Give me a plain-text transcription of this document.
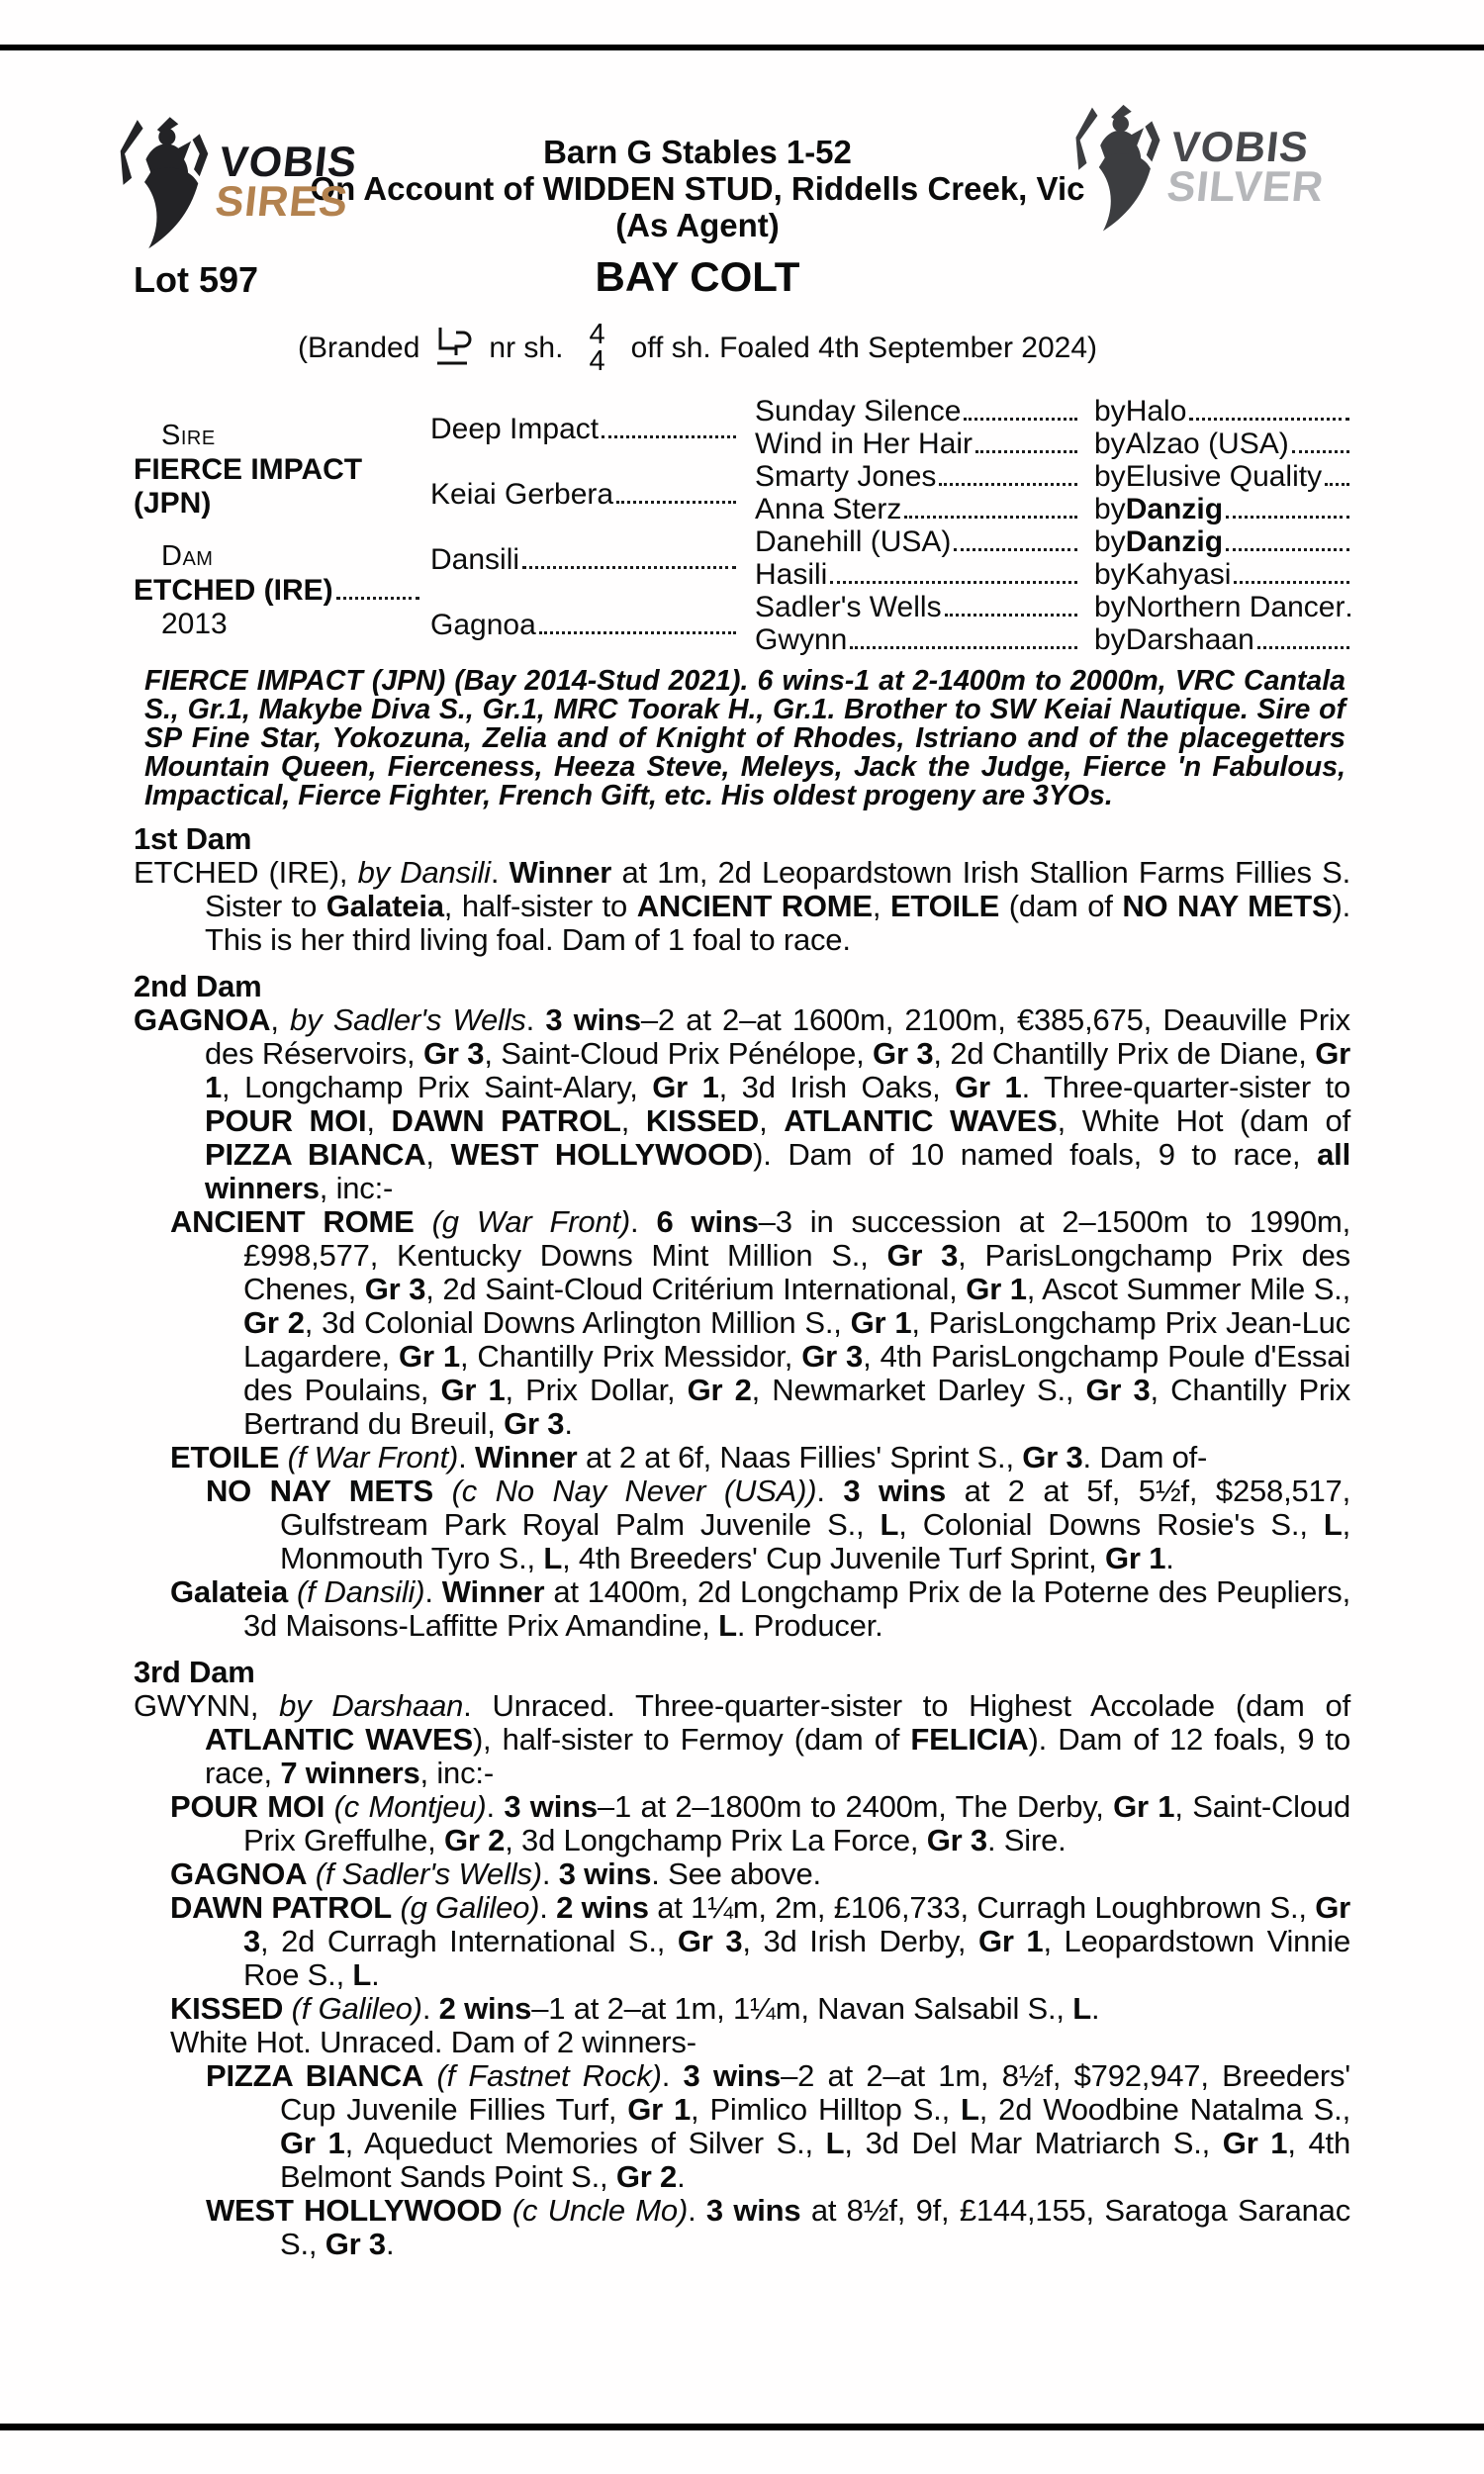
VOBIS
SIRES
VOBIS
SILVER
Barn G Stables 1-52
On Account of WIDDEN STUD, Riddells Creek, Vic
(As Agent)
Lot 597	BAY COLT
(Branded nr sh. 4
4 off sh. Foaled 4th September 2024)
Sire
FIERCE IMPACT (JPN)
Deep Impact
Sunday Silence	by Halo
Wind in Her Hair	by Alzao (USA)
Keiai Gerbera
Smarty Jones	by Elusive Quality
Anna Sterz	by Danzig
Dam
ETCHED (IRE)
2013
Dansili
Danehill (USA)	by Danzig
Hasili	by Kahyasi
Gagnoa
Sadler's Wells	by Northern Dancer
Gwynn	by Darshaan

FIERCE IMPACT (JPN) (Bay 2014-Stud 2021). 6 wins-1 at 2-1400m to 2000m, VRC Cantala S., Gr.1, Makybe Diva S., Gr.1, MRC Toorak H., Gr.1. Brother to SW Keiai Nautique. Sire of SP Fine Star, Yokozuna, Zelia and of Knight of Rhodes, Istriano and of the placegetters Mountain Queen, Fierceness, Heeza Steve, Meleys, Jack the Judge, Fierce 'n Fabulous, Impactical, Fierce Fighter, French Gift, etc. His oldest progeny are 3YOs.

1st Dam

ETCHED (IRE), by Dansili. Winner at 1m, 2d Leopardstown Irish Stallion Farms Fillies S. Sister to Galateia, half-sister to ANCIENT ROME, ETOILE (dam of NO NAY METS). This is her third living foal. Dam of 1 foal to race.

2nd Dam

GAGNOA, by Sadler's Wells. 3 wins–2 at 2–at 1600m, 2100m, €385,675, Deauville Prix des Réservoirs, Gr 3, Saint-Cloud Prix Pénélope, Gr 3, 2d Chantilly Prix de Diane, Gr 1, Longchamp Prix Saint-Alary, Gr 1, 3d Irish Oaks, Gr 1. Three-quarter-sister to POUR MOI, DAWN PATROL, KISSED, ATLANTIC WAVES, White Hot (dam of PIZZA BIANCA, WEST HOLLYWOOD). Dam of 10 named foals, 9 to race, all winners, inc:-

ANCIENT ROME (g War Front). 6 wins–3 in succession at 2–1500m to 1990m, £998,577, Kentucky Downs Mint Million S., Gr 3, ParisLongchamp Prix des Chenes, Gr 3, 2d Saint-Cloud Critérium International, Gr 1, Ascot Summer Mile S., Gr 2, 3d Colonial Downs Arlington Million S., Gr 1, ParisLongchamp Prix Jean-Luc Lagardere, Gr 1, Chantilly Prix Messidor, Gr 3, 4th ParisLongchamp Poule d'Essai des Poulains, Gr 1, Prix Dollar, Gr 2, Newmarket Darley S., Gr 3, Chantilly Prix Bertrand du Breuil, Gr 3.

ETOILE (f War Front). Winner at 2 at 6f, Naas Fillies' Sprint S., Gr 3. Dam of-

NO NAY METS (c No Nay Never (USA)). 3 wins at 2 at 5f, 5½f, $258,517, Gulfstream Park Royal Palm Juvenile S., L, Colonial Downs Rosie's S., L, Monmouth Tyro S., L, 4th Breeders' Cup Juvenile Turf Sprint, Gr 1.

Galateia (f Dansili). Winner at 1400m, 2d Longchamp Prix de la Poterne des Peupliers, 3d Maisons-Laffitte Prix Amandine, L. Producer.

3rd Dam

GWYNN, by Darshaan. Unraced. Three-quarter-sister to Highest Accolade (dam of ATLANTIC WAVES), half-sister to Fermoy (dam of FELICIA). Dam of 12 foals, 9 to race, 7 winners, inc:-

POUR MOI (c Montjeu). 3 wins–1 at 2–1800m to 2400m, The Derby, Gr 1, Saint-Cloud Prix Greffulhe, Gr 2, 3d Longchamp Prix La Force, Gr 3. Sire.

GAGNOA (f Sadler's Wells). 3 wins. See above.

DAWN PATROL (g Galileo). 2 wins at 1¼m, 2m, £106,733, Curragh Loughbrown S., Gr 3, 2d Curragh International S., Gr 3, 3d Irish Derby, Gr 1, Leopardstown Vinnie Roe S., L.

KISSED (f Galileo). 2 wins–1 at 2–at 1m, 1¼m, Navan Salsabil S., L.

White Hot. Unraced. Dam of 2 winners-

PIZZA BIANCA (f Fastnet Rock). 3 wins–2 at 2–at 1m, 8½f, $792,947, Breeders' Cup Juvenile Fillies Turf, Gr 1, Pimlico Hilltop S., L, 2d Woodbine Natalma S., Gr 1, Aqueduct Memories of Silver S., L, 3d Del Mar Matriarch S., Gr 1, 4th Belmont Sands Point S., Gr 2.

WEST HOLLYWOOD (c Uncle Mo). 3 wins at 8½f, 9f, £144,155, Saratoga Saranac S., Gr 3.
